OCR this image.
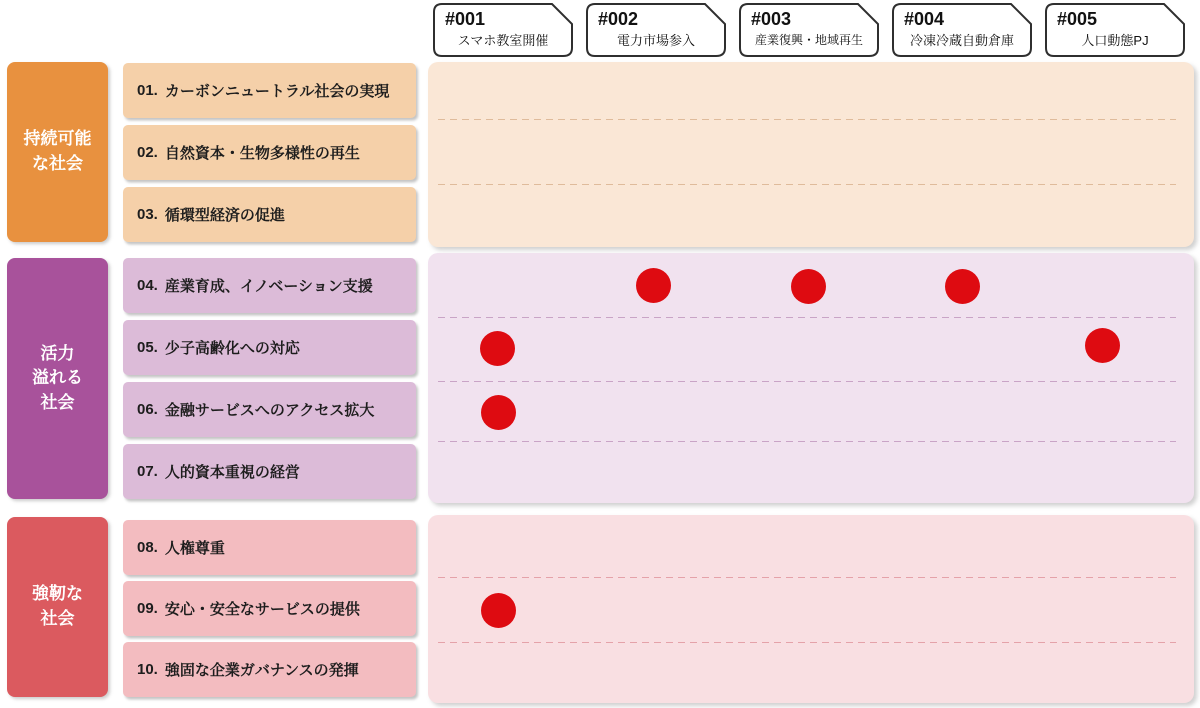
#001
スマホ教室開催
#002
電力市場参入
#003
産業復興・地域再生
#004
冷凍冷蔵自動倉庫
#005
人口動態PJ
持続可能
な社会
活力
溢れる
社会
強靭な
社会
01. カーボンニュートラル社会の実現
02. 自然資本・生物多様性の再生
03. 循環型経済の促進
04. 産業育成、イノベーション支援
05. 少子高齢化への対応
06. 金融サービスへのアクセス拡大
07. 人的資本重視の経営
08. 人権尊重
09. 安心・安全なサービスの提供
10. 強固な企業ガバナンスの発揮
